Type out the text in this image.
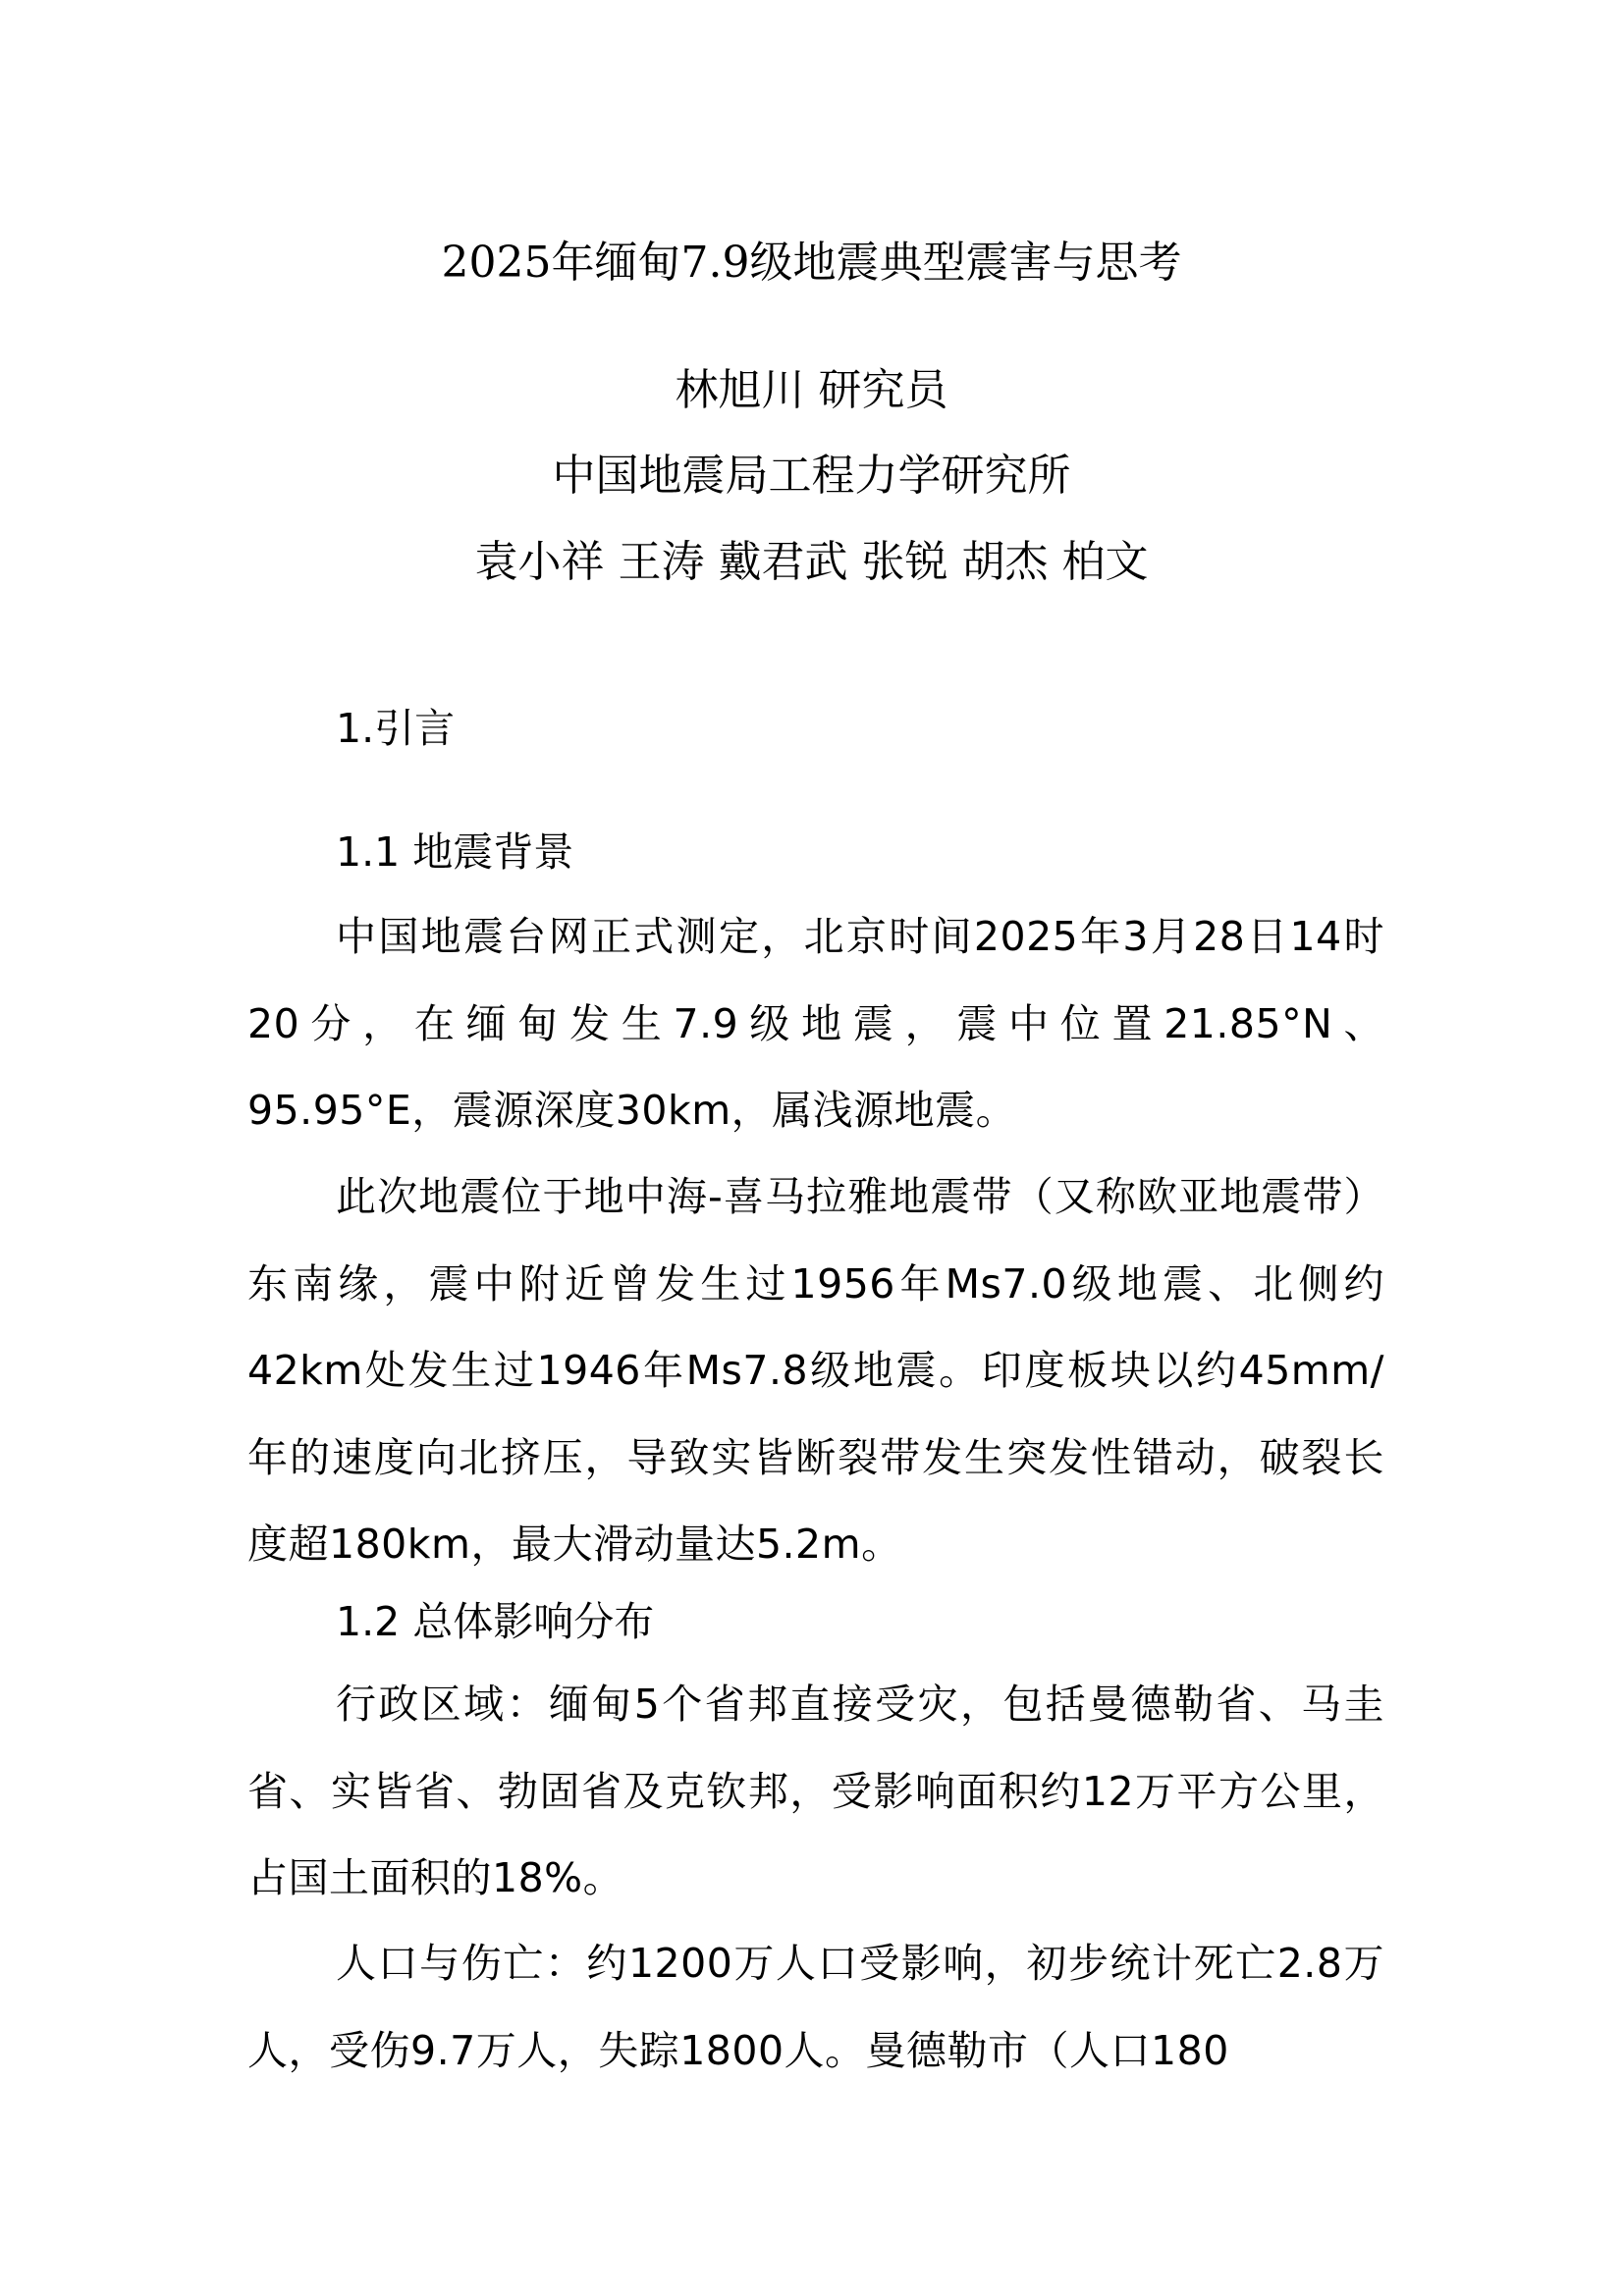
2025年缅甸7.9级地震典型震害与思考
林旭川 研究员
中国地震局工程力学研究所
袁小祥 王涛 戴君武 张锐 胡杰 柏文
1.引言
1.1 地震背景

中国地震台网正式测定，北京时间2025年3月28日14时20分，在缅甸发生7.9级地震，震中位置21.85°N、95.95°E，震源深度30km，属浅源地震。

此次地震位于地中海-喜马拉雅地震带（又称欧亚地震带）东南缘，震中附近曾发生过1956年Ms7.0级地震、北侧约42km处发生过1946年Ms7.8级地震。印度板块以约45mm/年的速度向北挤压，导致实皆断裂带发生突发性错动，破裂长度超180km，最大滑动量达5.2m。

1.2 总体影响分布

行政区域：缅甸5个省邦直接受灾，包括曼德勒省、马圭省、实皆省、勃固省及克钦邦，受影响面积约12万平方公里，占国土面积的18%。

人口与伤亡：约1200万人口受影响，初步统计死亡2.8万人，受伤9.7万人，失踪1800人。曼德勒市（人口180
